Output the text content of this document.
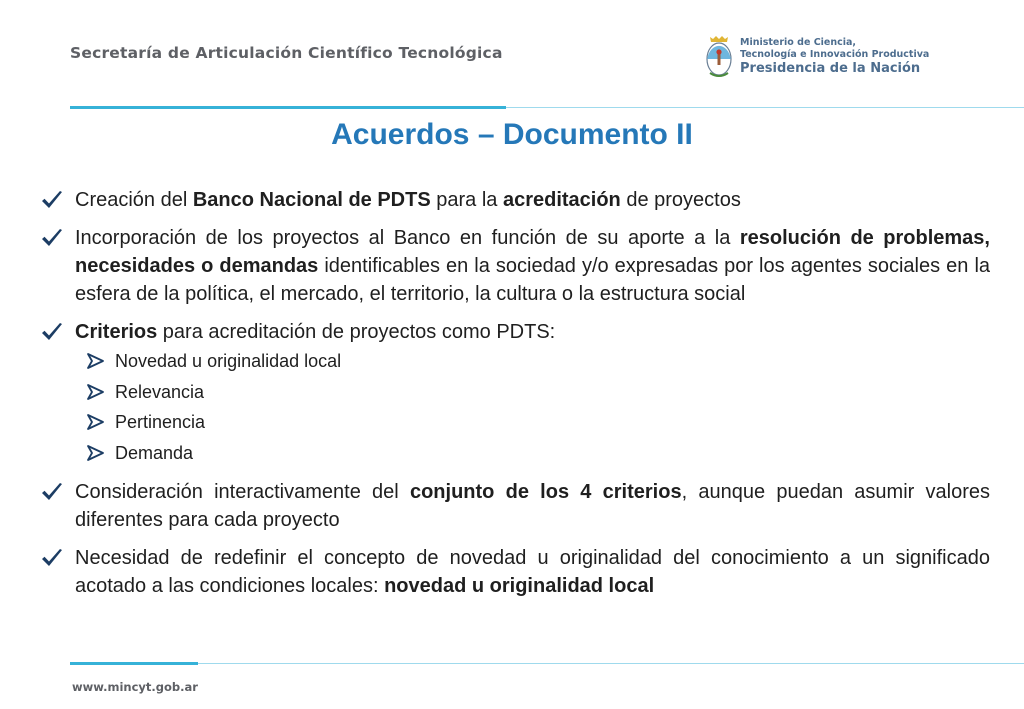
Secretaría de Articulación Científico Tecnológica
Ministerio de Ciencia,
Tecnología e Innovación Productiva
Presidencia de la Nación
Acuerdos – Documento II
Creación del Banco Nacional de PDTS para la acreditación de proyectos
Incorporación de los proyectos al Banco en función de su aporte a la resolución de problemas, necesidades o demandas identificables en la sociedad y/o expresadas por los agentes sociales en la esfera de la política, el mercado, el territorio, la cultura o la estructura social
Criterios para acreditación de proyectos como PDTS:
Novedad u originalidad local
Relevancia
Pertinencia
Demanda
Consideración interactivamente del conjunto de los 4 criterios, aunque puedan asumir valores diferentes para cada proyecto
Necesidad de redefinir el concepto de novedad u originalidad del conocimiento a un significado acotado a las condiciones locales: novedad u originalidad local
www.mincyt.gob.ar
